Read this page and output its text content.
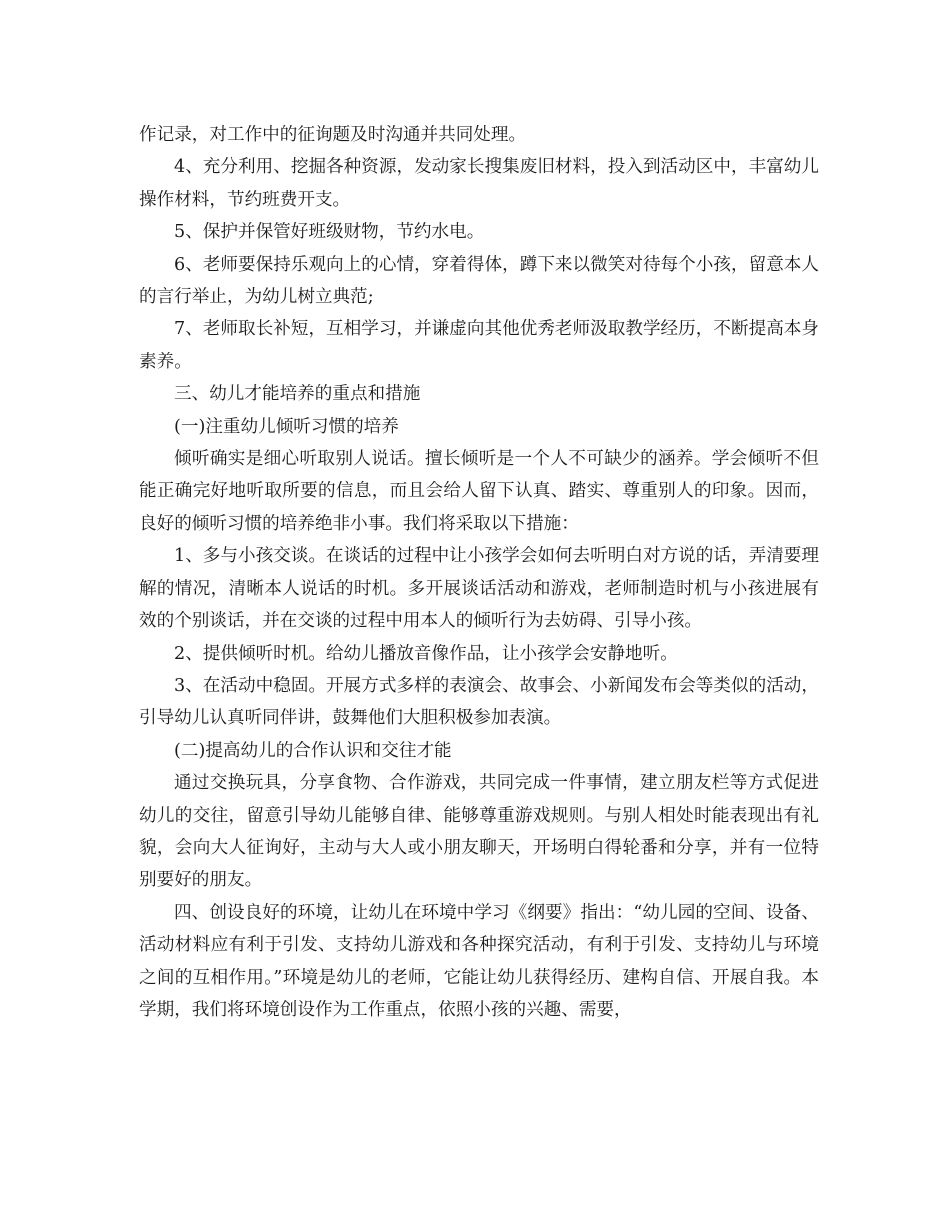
作记录，对工作中的征询题及时沟通并共同处理。

4、充分利用、挖掘各种资源，发动家长搜集废旧材料，投入到活动区中，丰富幼儿操作材料，节约班费开支。

5、保护并保管好班级财物，节约水电。

6、老师要保持乐观向上的心情，穿着得体，蹲下来以微笑对待每个小孩，留意本人的言行举止，为幼儿树立典范;

7、老师取长补短，互相学习，并谦虚向其他优秀老师汲取教学经历，不断提高本身素养。

三、幼儿才能培养的重点和措施

(一)注重幼儿倾听习惯的培养

倾听确实是细心听取别人说话。擅长倾听是一个人不可缺少的涵养。学会倾听不但能正确完好地听取所要的信息，而且会给人留下认真、踏实、尊重别人的印象。因而，良好的倾听习惯的培养绝非小事。我们将采取以下措施：

1、多与小孩交谈。在谈话的过程中让小孩学会如何去听明白对方说的话，弄清要理解的情况，清晰本人说话的时机。多开展谈话活动和游戏，老师制造时机与小孩进展有效的个别谈话，并在交谈的过程中用本人的倾听行为去妨碍、引导小孩。

2、提供倾听时机。给幼儿播放音像作品，让小孩学会安静地听。

3、在活动中稳固。开展方式多样的表演会、故事会、小新闻发布会等类似的活动，引导幼儿认真听同伴讲，鼓舞他们大胆积极参加表演。

(二)提高幼儿的合作认识和交往才能

通过交换玩具，分享食物、合作游戏，共同完成一件事情，建立朋友栏等方式促进幼儿的交往，留意引导幼儿能够自律、能够尊重游戏规则。与别人相处时能表现出有礼貌，会向大人征询好，主动与大人或小朋友聊天，开场明白得轮番和分享，并有一位特别要好的朋友。

四、创设良好的环境，让幼儿在环境中学习《纲要》指出：“幼儿园的空间、设备、活动材料应有利于引发、支持幼儿游戏和各种探究活动，有利于引发、支持幼儿与环境之间的互相作用。”环境是幼儿的老师，它能让幼儿获得经历、建构自信、开展自我。本学期，我们将环境创设作为工作重点，依照小孩的兴趣、需要，
